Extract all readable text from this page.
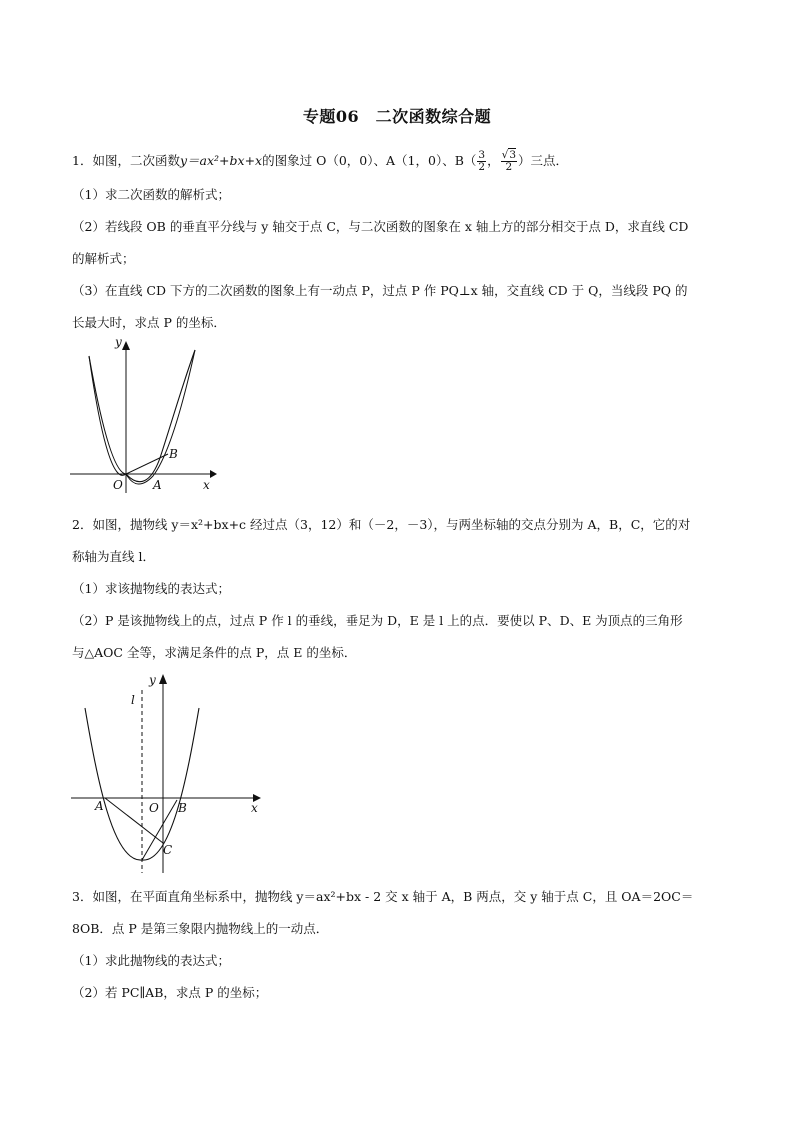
专题06　二次函数综合题
1．如图，二次函数y＝ax²+bx+x的图象过 O（0，0）、A（1，0）、$B( \frac{3}{2}$ ， $\frac{√3}{2}$ ）三点．
（1）求二次函数的解析式；
（2）若线段 OB 的垂直平分线与 y 轴交于点 C，与二次函数的图象在 x 轴上方的部分相交于点 D，求直线 CD
的解析式；
（3）在直线 CD 下方的二次函数的图象上有一动点 P，过点 P 作 PQ⊥x 轴，交直线 CD 于 Q，当线段 PQ 的
长最大时，求点 P 的坐标．
y
x
O	A
B
2．如图，抛物线 y＝x²+bx+c 经过点（3，12）和（－2，－3），与两坐标轴的交点分别为 A，B，C，它的对
称轴为直线 l．
（1）求该抛物线的表达式；
（2）P 是该抛物线上的点，过点 P 作 l 的垂线，垂足为 D，E 是 l 上的点．要使以 P、D、E 为顶点的三角形
与△AOC 全等，求满足条件的点 P，点 E 的坐标．
l
y
x
A	O B
C
3．如图，在平面直角坐标系中，抛物线 y＝ax²+bx - 2 交 x 轴于 A，B 两点，交 y 轴于点 C，且 OA＝2OC＝
8OB．点 P 是第三象限内抛物线上的一动点．
（1）求此抛物线的表达式；
（2）若 PC∥AB，求点 P 的坐标；
